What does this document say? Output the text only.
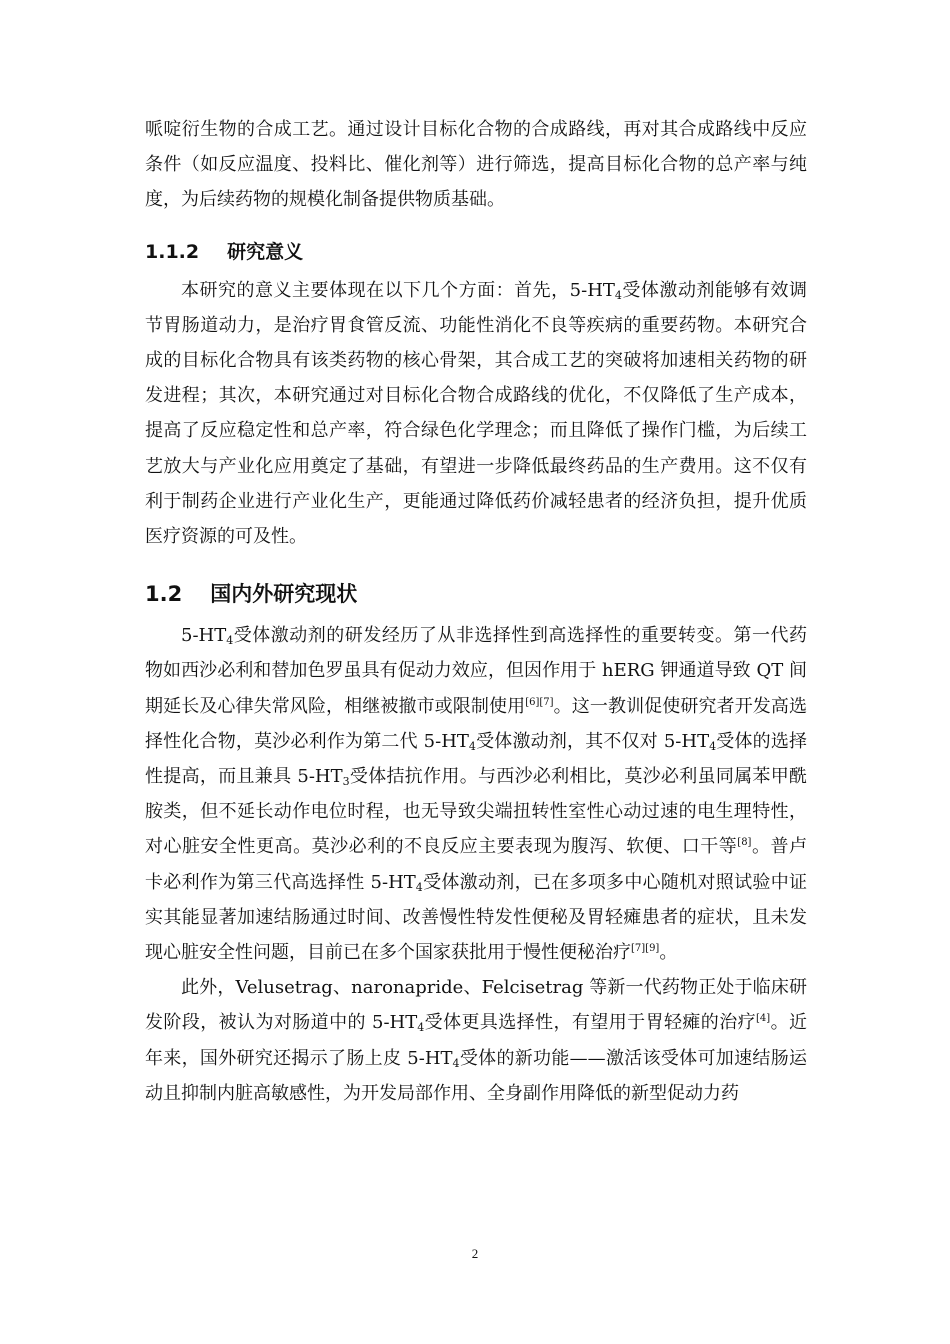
哌啶衍生物的合成工艺。通过设计目标化合物的合成路线，再对其合成路线中反应条件（如反应温度、投料比、催化剂等）进行筛选，提高目标化合物的总产率与纯度，为后续药物的规模化制备提供物质基础。

1.1.2 研究意义

本研究的意义主要体现在以下几个方面：首先，$5-HT_4$受体激动剂能够有效调节胃肠道动力，是治疗胃食管反流、功能性消化不良等疾病的重要药物。本研究合成的目标化合物具有该类药物的核心骨架，其合成工艺的突破将加速相关药物的研发进程；其次，本研究通过对目标化合物合成路线的优化，不仅降低了生产成本，提高了反应稳定性和总产率，符合绿色化学理念；而且降低了操作门槛，为后续工艺放大与产业化应用奠定了基础，有望进一步降低最终药品的生产费用。这不仅有利于制药企业进行产业化生产，更能通过降低药价减轻患者的经济负担，提升优质医疗资源的可及性。

1.2 国内外研究现状

$5-HT_4$受体激动剂的研发经历了从非选择性到高选择性的重要转变。第一代药物如西沙必利和替加色罗虽具有促动力效应，但因作用于 hERG 钾通道导致 QT 间期延长及心律失常风险，相继被撤市或限制使用[6][7]。这一教训促使研究者开发高选择性化合物，莫沙必利作为第二代 $5-HT_4$受体激动剂，其不仅对 $5-HT_4$受体的选择性提高，而且兼具 $5-HT_3$受体拮抗作用。与西沙必利相比，莫沙必利虽同属苯甲酰胺类，但不延长动作电位时程，也无导致尖端扭转性室性心动过速的电生理特性，对心脏安全性更高。莫沙必利的不良反应主要表现为腹泻、软便、口干等[8]。普卢卡必利作为第三代高选择性 $5-HT_4$受体激动剂，已在多项多中心随机对照试验中证实其能显著加速结肠通过时间、改善慢性特发性便秘及胃轻瘫患者的症状，且未发现心脏安全性问题，目前已在多个国家获批用于慢性便秘治疗[7][9]。

此外，Velusetrag、naronapride、Felcisetrag 等新一代药物正处于临床研发阶段，被认为对肠道中的 $5-HT_4$受体更具选择性，有望用于胃轻瘫的治疗[4]。近年来，国外研究还揭示了肠上皮 $5-HT_4$受体的新功能——激活该受体可加速结肠运动且抑制内脏高敏感性，为开发局部作用、全身副作用降低的新型促动力药

2
